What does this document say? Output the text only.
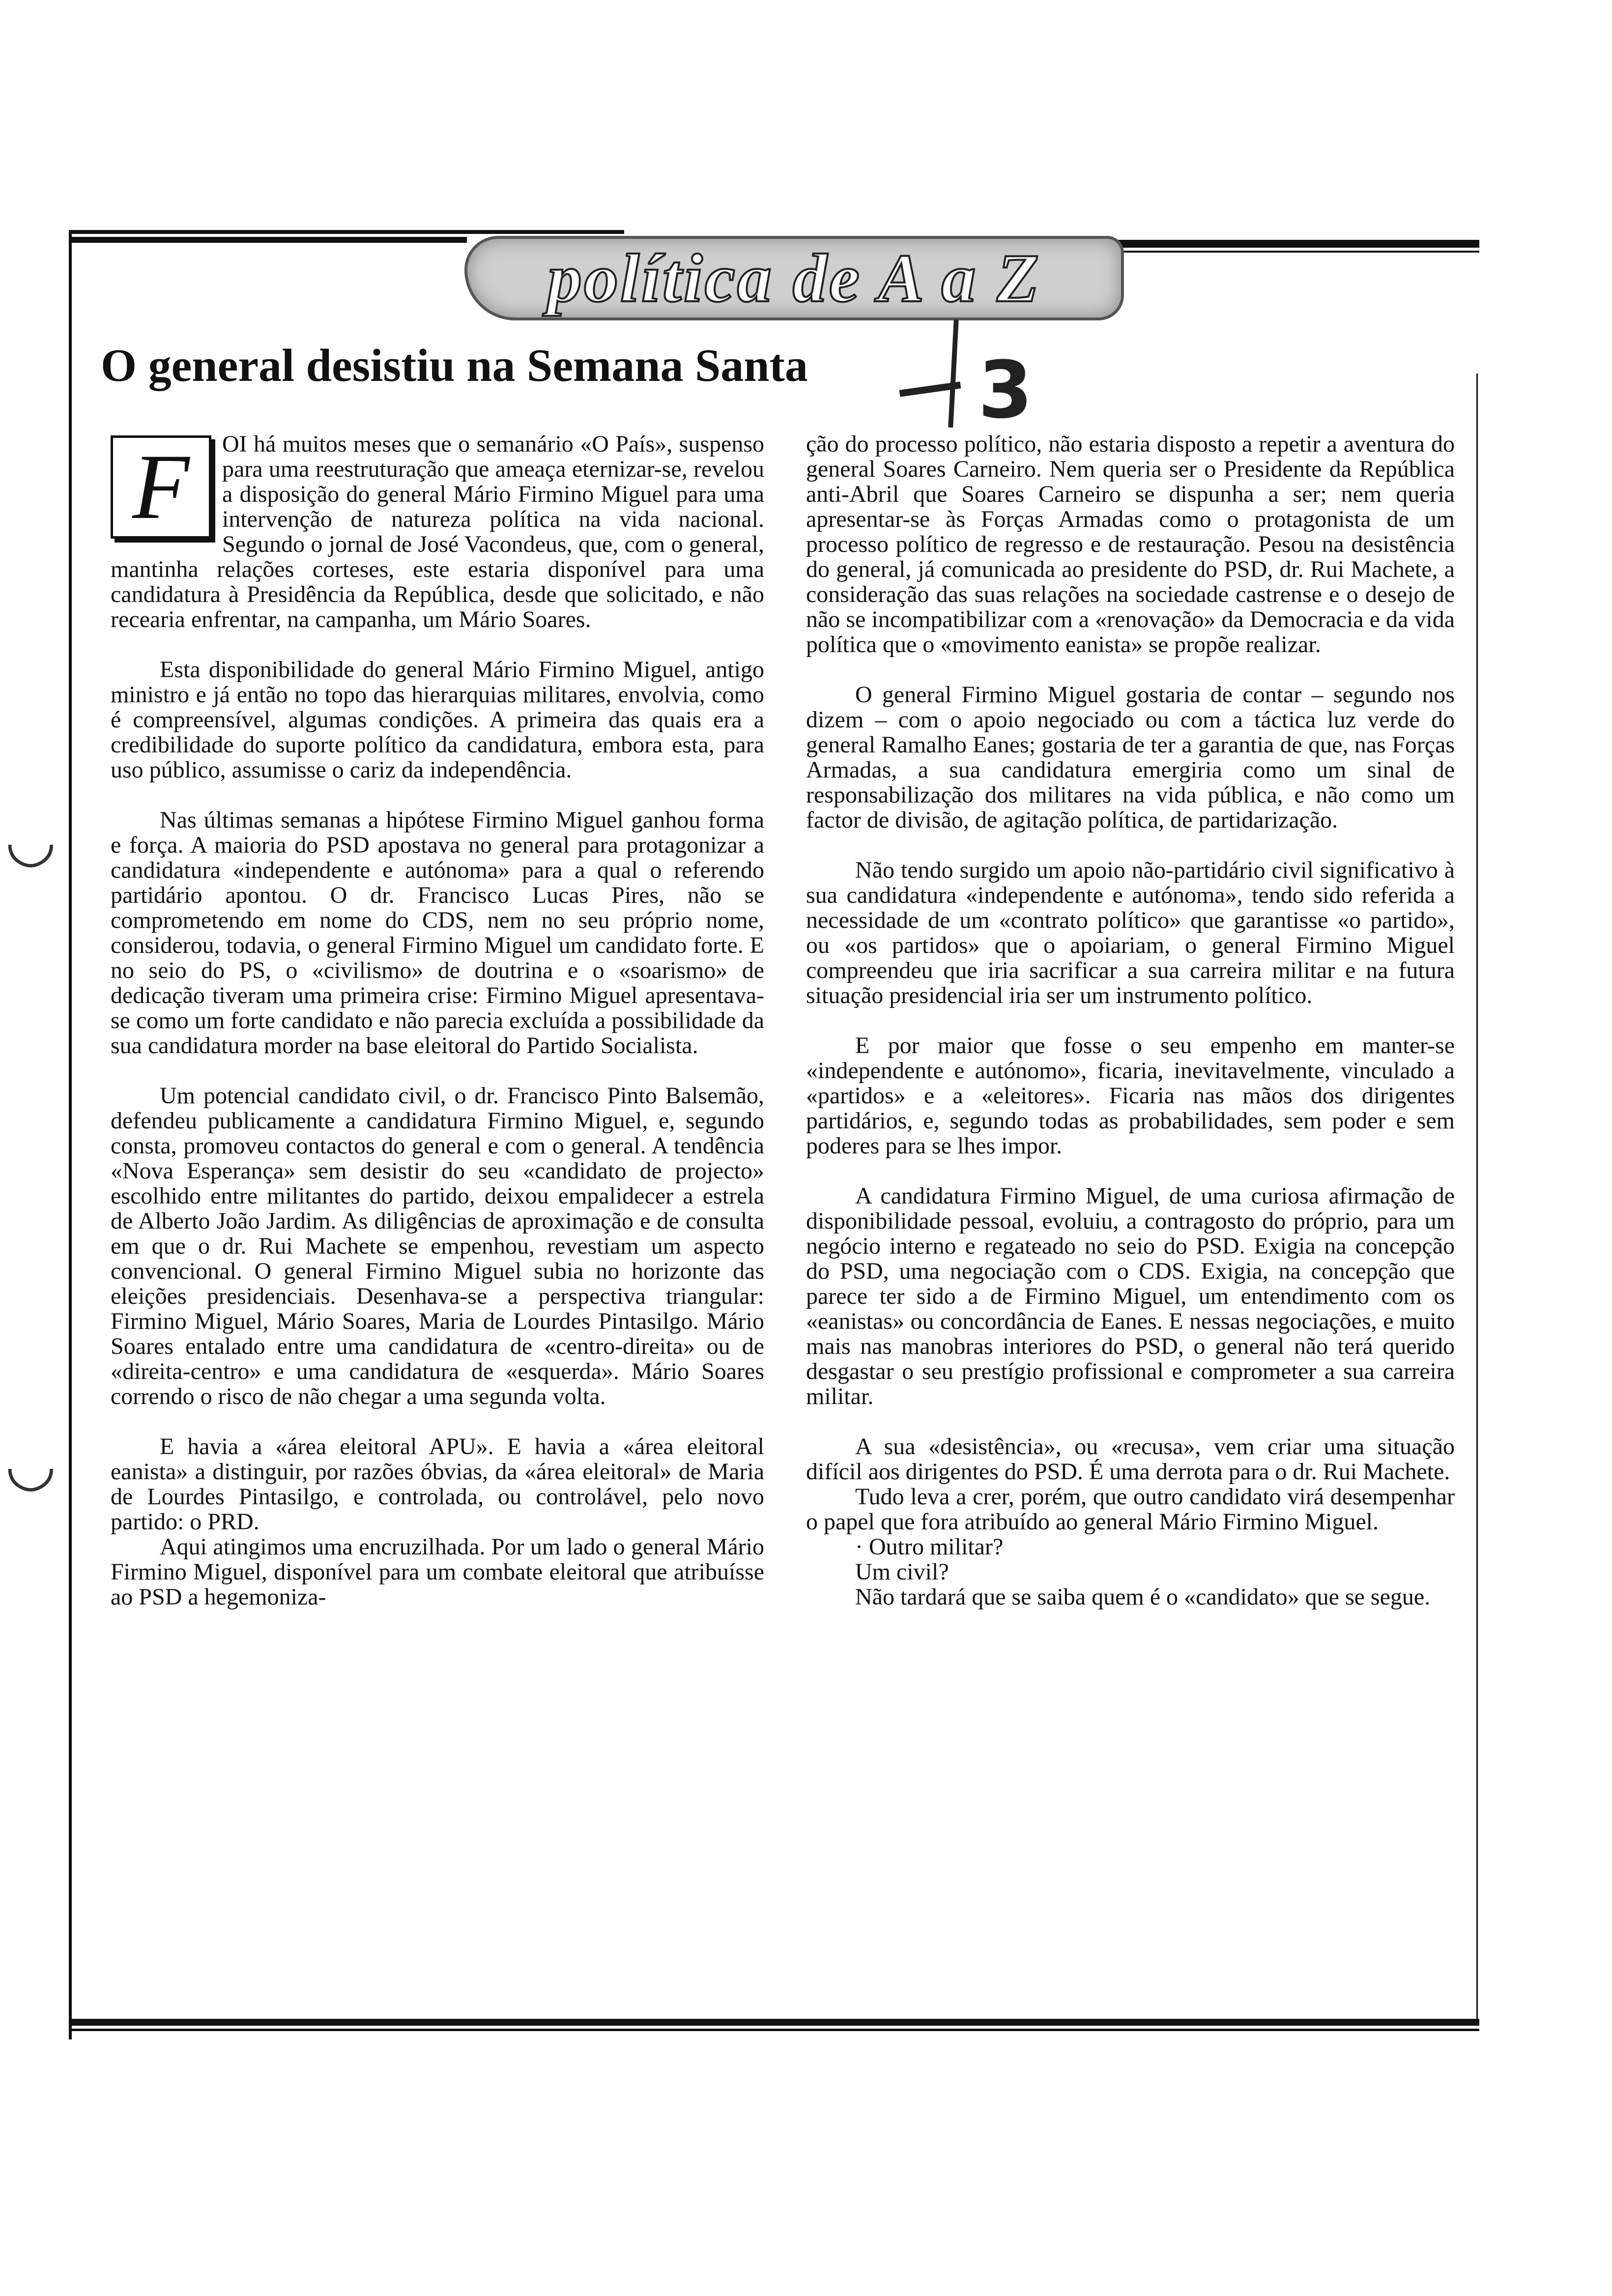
política de A a Z
O general desistiu na Semana Santa 3
◡
◡
F	OI há muitos meses que o semanário «O País», suspenso para uma reestruturação que ameaça eternizar-se, revelou a disposição do general Mário Firmino Miguel para uma intervenção de natureza política na vida nacional. Segundo o jornal de José Vacondeus, que, com o general, mantinha relações corteses, este estaria disponível para uma candidatura à Presidência da República, desde que solicitado, e não recearia enfrentar, na campanha, um Mário Soares.

Esta disponibilidade do general Mário Firmino Miguel, antigo ministro e já então no topo das hierarquias militares, envolvia, como é compreensível, algumas condições. A primeira das quais era a credibilidade do suporte político da candidatura, embora esta, para uso público, assumisse o cariz da independência.

Nas últimas semanas a hipótese Firmino Miguel ganhou forma e força. A maioria do PSD apostava no general para protagonizar a candidatura «independente e autónoma» para a qual o referendo partidário apontou. O dr. Francisco Lucas Pires, não se comprometendo em nome do CDS, nem no seu próprio nome, considerou, todavia, o general Firmino Miguel um candidato forte. E no seio do PS, o «civilismo» de doutrina e o «soarismo» de dedicação tiveram uma primeira crise: Firmino Miguel apresentava-se como um forte candidato e não parecia excluída a possibilidade da sua candidatura morder na base eleitoral do Partido Socialista.

Um potencial candidato civil, o dr. Francisco Pinto Balsemão, defendeu publicamente a candidatura Firmino Miguel, e, segundo consta, promoveu contactos do general e com o general. A tendência «Nova Esperança» sem desistir do seu «candidato de projecto» escolhido entre militantes do partido, deixou empalidecer a estrela de Alberto João Jardim. As diligências de aproximação e de consulta em que o dr. Rui Machete se empenhou, revestiam um aspecto convencional. O general Firmino Miguel subia no horizonte das eleições presidenciais. Desenhava-se a perspectiva triangular: Firmino Miguel, Mário Soares, Maria de Lourdes Pintasilgo. Mário Soares entalado entre uma candidatura de «centro-direita» ou de «direita-centro» e uma candidatura de «esquerda». Mário Soares correndo o risco de não chegar a uma segunda volta.

E havia a «área eleitoral APU». E havia a «área eleitoral eanista» a distinguir, por razões óbvias, da «área eleitoral» de Maria de Lourdes Pintasilgo, e controlada, ou controlável, pelo novo partido: o PRD.

Aqui atingimos uma encruzilhada. Por um lado o general Mário Firmino Miguel, disponível para um combate eleitoral que atribuísse ao PSD a hegemoniza-

ção do processo político, não estaria disposto a repetir a aventura do general Soares Carneiro. Nem queria ser o Presidente da República anti-Abril que Soares Carneiro se dispunha a ser; nem queria apresentar-se às Forças Armadas como o protagonista de um processo político de regresso e de restauração. Pesou na desistência do general, já comunicada ao presidente do PSD, dr. Rui Machete, a consideração das suas relações na sociedade castrense e o desejo de não se incompatibilizar com a «renovação» da Democracia e da vida política que o «movimento eanista» se propõe realizar.

O general Firmino Miguel gostaria de contar – segundo nos dizem – com o apoio negociado ou com a táctica luz verde do general Ramalho Eanes; gostaria de ter a garantia de que, nas Forças Armadas, a sua candidatura emergiria como um sinal de responsabilização dos militares na vida pública, e não como um factor de divisão, de agitação política, de partidarização.

Não tendo surgido um apoio não-partidário civil significativo à sua candidatura «independente e autónoma», tendo sido referida a necessidade de um «contrato político» que garantisse «o partido», ou «os partidos» que o apoiariam, o general Firmino Miguel compreendeu que iria sacrificar a sua carreira militar e na futura situação presidencial iria ser um instrumento político.

E por maior que fosse o seu empenho em manter-se «independente e autónomo», ficaria, inevitavelmente, vinculado a «partidos» e a «eleitores». Ficaria nas mãos dos dirigentes partidários, e, segundo todas as probabilidades, sem poder e sem poderes para se lhes impor.

A candidatura Firmino Miguel, de uma curiosa afirmação de disponibilidade pessoal, evoluiu, a contragosto do próprio, para um negócio interno e regateado no seio do PSD. Exigia na concepção do PSD, uma negociação com o CDS. Exigia, na concepção que parece ter sido a de Firmino Miguel, um entendimento com os «eanistas» ou concordância de Eanes. E nessas negociações, e muito mais nas manobras interiores do PSD, o general não terá querido desgastar o seu prestígio profissional e comprometer a sua carreira militar.

A sua «desistência», ou «recusa», vem criar uma situação difícil aos dirigentes do PSD. É uma derrota para o dr. Rui Machete.

Tudo leva a crer, porém, que outro candidato virá desempenhar o papel que fora atribuído ao general Mário Firmino Miguel.

· Outro militar?

Um civil?

Não tardará que se saiba quem é o «candidato» que se segue.
